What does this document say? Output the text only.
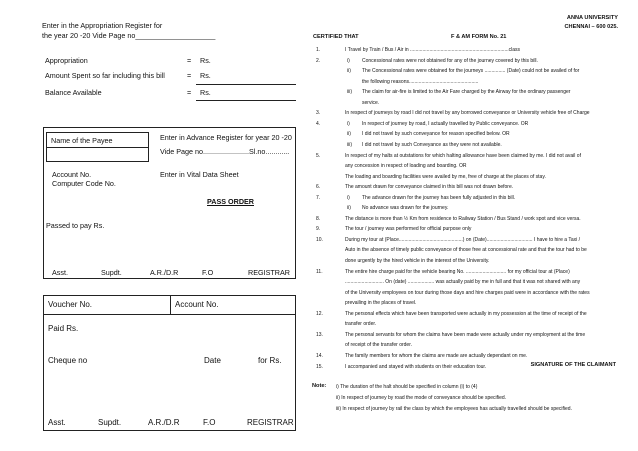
Enter in the Appropriation Register for
the year 20 -20 Vide Page no____________________
Appropriation	= Rs.
Amount Spent so far including this bill	= Rs.
Balance Available	= Rs.
Name of the Payee	Enter in Advance Register for year 20 -20
Vide Page no.......................Sl.no............
Account No.
Computer Code No.
Enter in Vital Data Sheet
PASS ORDER
Passed to pay Rs.
Asst.	Supdt.	A.R./D.R	F.O	REGISTRAR
Voucher No.	Account No.
Paid Rs.
Cheque no	Date	for Rs.
Asst.	Supdt.	A.R./D.R	F.O	REGISTRAR
ANNA UNIVERSITY
CHENNAI – 600 025.
CERTIFIED THAT	F & AM FORM No. 21
1.	I Travel by Train / Bus / Air in .......................................................................class
2.	i) Concessional rates were not obtained for any of the journey covered by this bill.
ii) The Concessional rates were obtained for the journeys ............... (Date) could not be availed of for
the following reasons..................................................
iii) The claim for air-fire is limited to the Air Fare charged by the Airway for the ordinary passenger
service.
3.	In respect of journeys by road I did not travel by any borrowed conveyance or University vehicle free of Charge
4.	i) In respect of journey by road, I actually travelled by Public conveyance. OR
ii) I did not travel by such conveyance for reason specified below. OR
iii) I did not travel by such Conveyance as they were not available.
5.	In respect of my halts at outstations for which halting allowance have been claimed by me. I did not avail of
any concession in respect of loading and boarding. OR
The loading and boarding facilities were availed by me, free of charge at the places of stay.
6.	The amount drawn for conveyance claimed in this bill was not drawn before.
7.	i) The advance drawn for the journey has been fully adjusted in this bill.
ii) No advance was drawn for the journey.
8.	The distance is more than ½ Km from residence to Railway Station / Bus Stand / work spot and vice versa.
9.	The tour / journey was performed for official purpose only
10.	During my tour at (Place..............................................) on (Date)................................. I have to hire a Taxi /
Auto in the absence of timely public conveyance of those free at concessional rate and that the tour had to be
done urgently by the hired vehicle in the interest of the University.
11.	The entire hire charge paid for the vehicle bearing No. ............................. for my official tour at (Place)
............................ On (date) ................... was actually paid by me in full and that it was not shared with any
of the University employees on tour during those days and hire charges paid were in accordance with the rates
prevailing in the places of travel.
12.	The personal effects which have been transported were actually in my possession at the time of receipt of the
transfer order.
13.	The personal servants for whom the claims have been made were actually under my employment at the time
of receipt of the transfer order.
14.	The family members for whom the claims are made are actually dependant on me.
15.	I accompanied and stayed with students on their education tour.	SIGNATURE OF THE CLAIMANT
Note: i) The duration of the halt should be specified in column (i) to (4)
ii) In respect of journey by road the mode of conveyance should be specified.
iii) In respect of journey by rail the class by which the employees has actually travelled should be specified.
